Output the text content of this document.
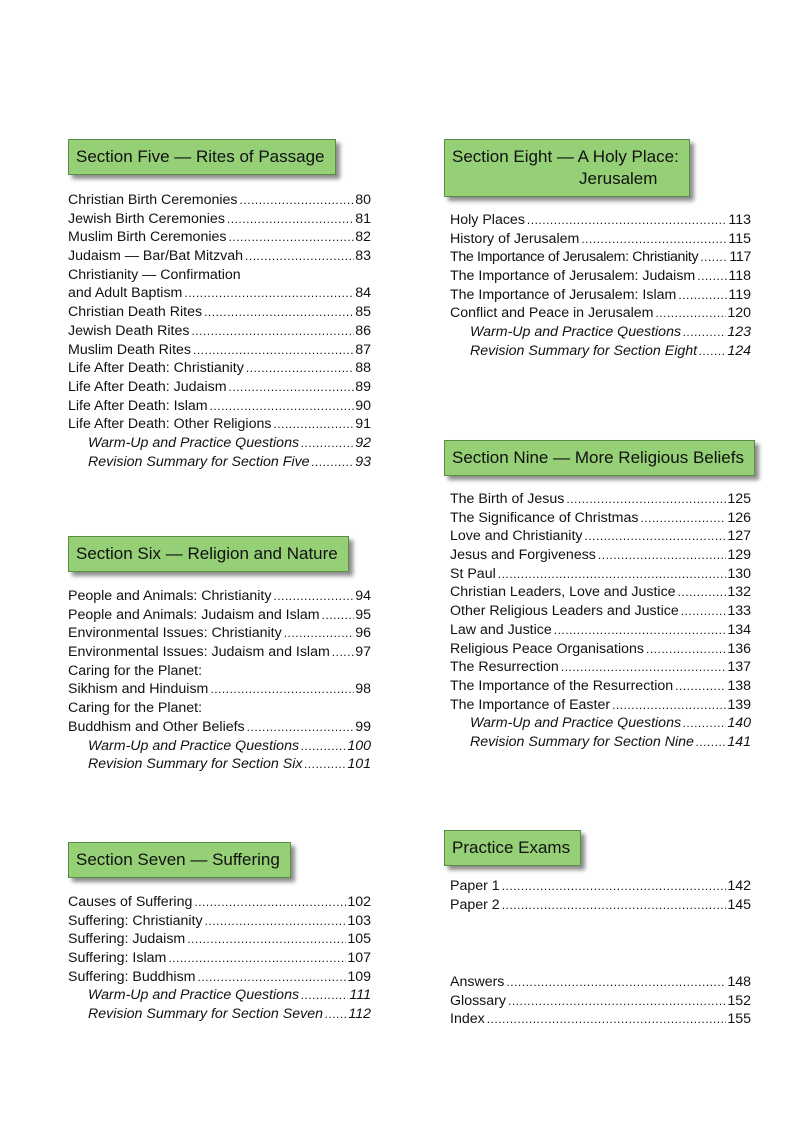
Section Five — Rites of Passage
Christian Birth Ceremonies .....	80
Jewish Birth Ceremonies .....	81
Muslim Birth Ceremonies .....	82
Judaism — Bar/Bat Mitzvah .....	83
Christianity — Confirmation
and Adult Baptism .....	84
Christian Death Rites .....	85
Jewish Death Rites .....	86
Muslim Death Rites .....	87
Life After Death: Christianity .....	88
Life After Death: Judaism .....	89
Life After Death: Islam .....	90
Life After Death: Other Religions .....	91
Warm-Up and Practice Questions .....	92
Revision Summary for Section Five .....	93
Section Six — Religion and Nature
People and Animals: Christianity .....	94
People and Animals: Judaism and Islam .....	95
Environmental Issues: Christianity .....	96
Environmental Issues: Judaism and Islam ..... 97
Caring for the Planet:
Sikhism and Hinduism .....	98
Caring for the Planet:
Buddhism and Other Beliefs .....	99
Warm-Up and Practice Questions .....	100
Revision Summary for Section Six .....	101
Section Seven — Suffering
Causes of Suffering .....	102
Suffering: Christianity .....	103
Suffering: Judaism .....	105
Suffering: Islam .....	107
Suffering: Buddhism .....	109
Warm-Up and Practice Questions .....	111
Revision Summary for Section Seven ..... 112
Section Eight — A Holy Place:
Jerusalem
Holy Places .....	113
History of Jerusalem .....	115
The Importance of Jerusalem: Christianity ..... 117
The Importance of Jerusalem: Judaism ..... 118
The Importance of Jerusalem: Islam .....	119
Conflict and Peace in Jerusalem .....	120
Warm-Up and Practice Questions .....	123
Revision Summary for Section Eight ..... 124
Section Nine — More Religious Beliefs
The Birth of Jesus .....	125
The Significance of Christmas .....	126
Love and Christianity .....	127
Jesus and Forgiveness .....	129
St Paul .....	130
Christian Leaders, Love and Justice .....	132
Other Religious Leaders and Justice .....	133
Law and Justice .....	134
Religious Peace Organisations .....	136
The Resurrection .....	137
The Importance of the Resurrection .....	138
The Importance of Easter .....	139
Warm-Up and Practice Questions .....	140
Revision Summary for Section Nine ..... 141
Practice Exams
Paper 1 .....	142
Paper 2 .....	145
Answers .....	148
Glossary .....	152
Index .....	155
